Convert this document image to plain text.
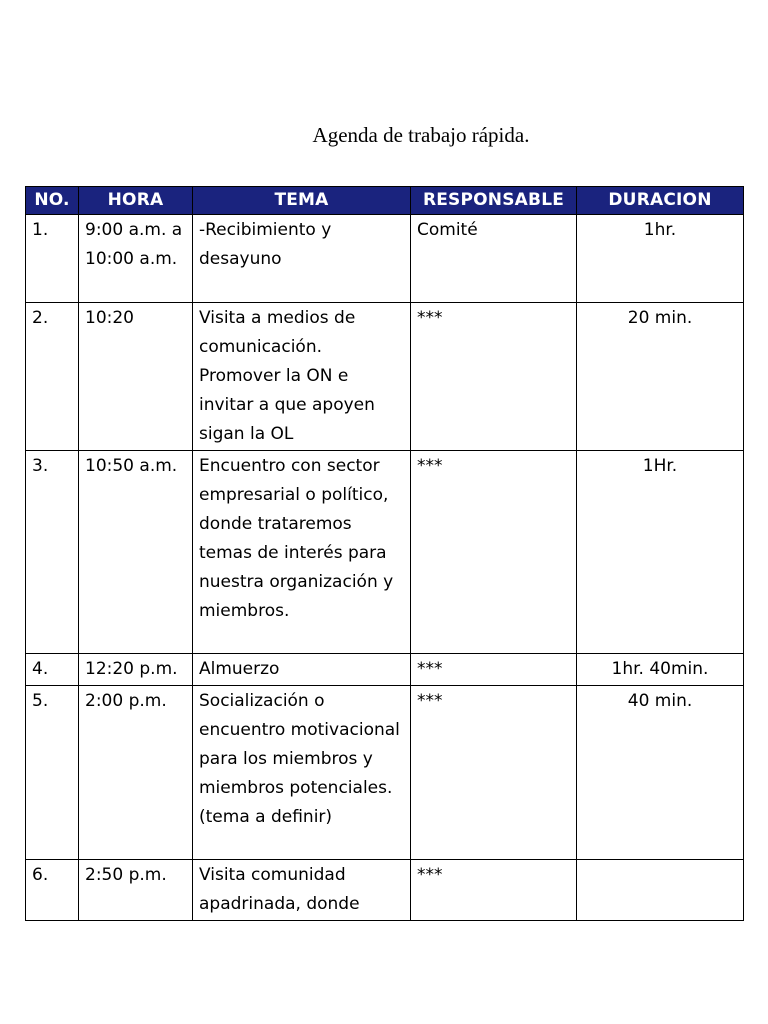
Agenda de trabajo rápida.
NO.	HORA	TEMA	RESPONSABLE	DURACION
1.	9:00 a.m. a 10:00 a.m.	-Recibimiento y desayuno	Comité	1hr.
2.	10:20	Visita a medios de comunicación. Promover la ON e invitar a que apoyen sigan la OL	***	20 min.
3.	10:50 a.m.	Encuentro con sector empresarial o político, donde trataremos temas de interés para nuestra organización y miembros.	***	1Hr.
4.	12:20 p.m.	Almuerzo	***	1hr. 40min.
5.	2:00 p.m.	Socialización o encuentro motivacional para los miembros y miembros potenciales. (tema a definir)	***	40 min.
6.	2:50 p.m.	Visita comunidad apadrinada, donde	***	
